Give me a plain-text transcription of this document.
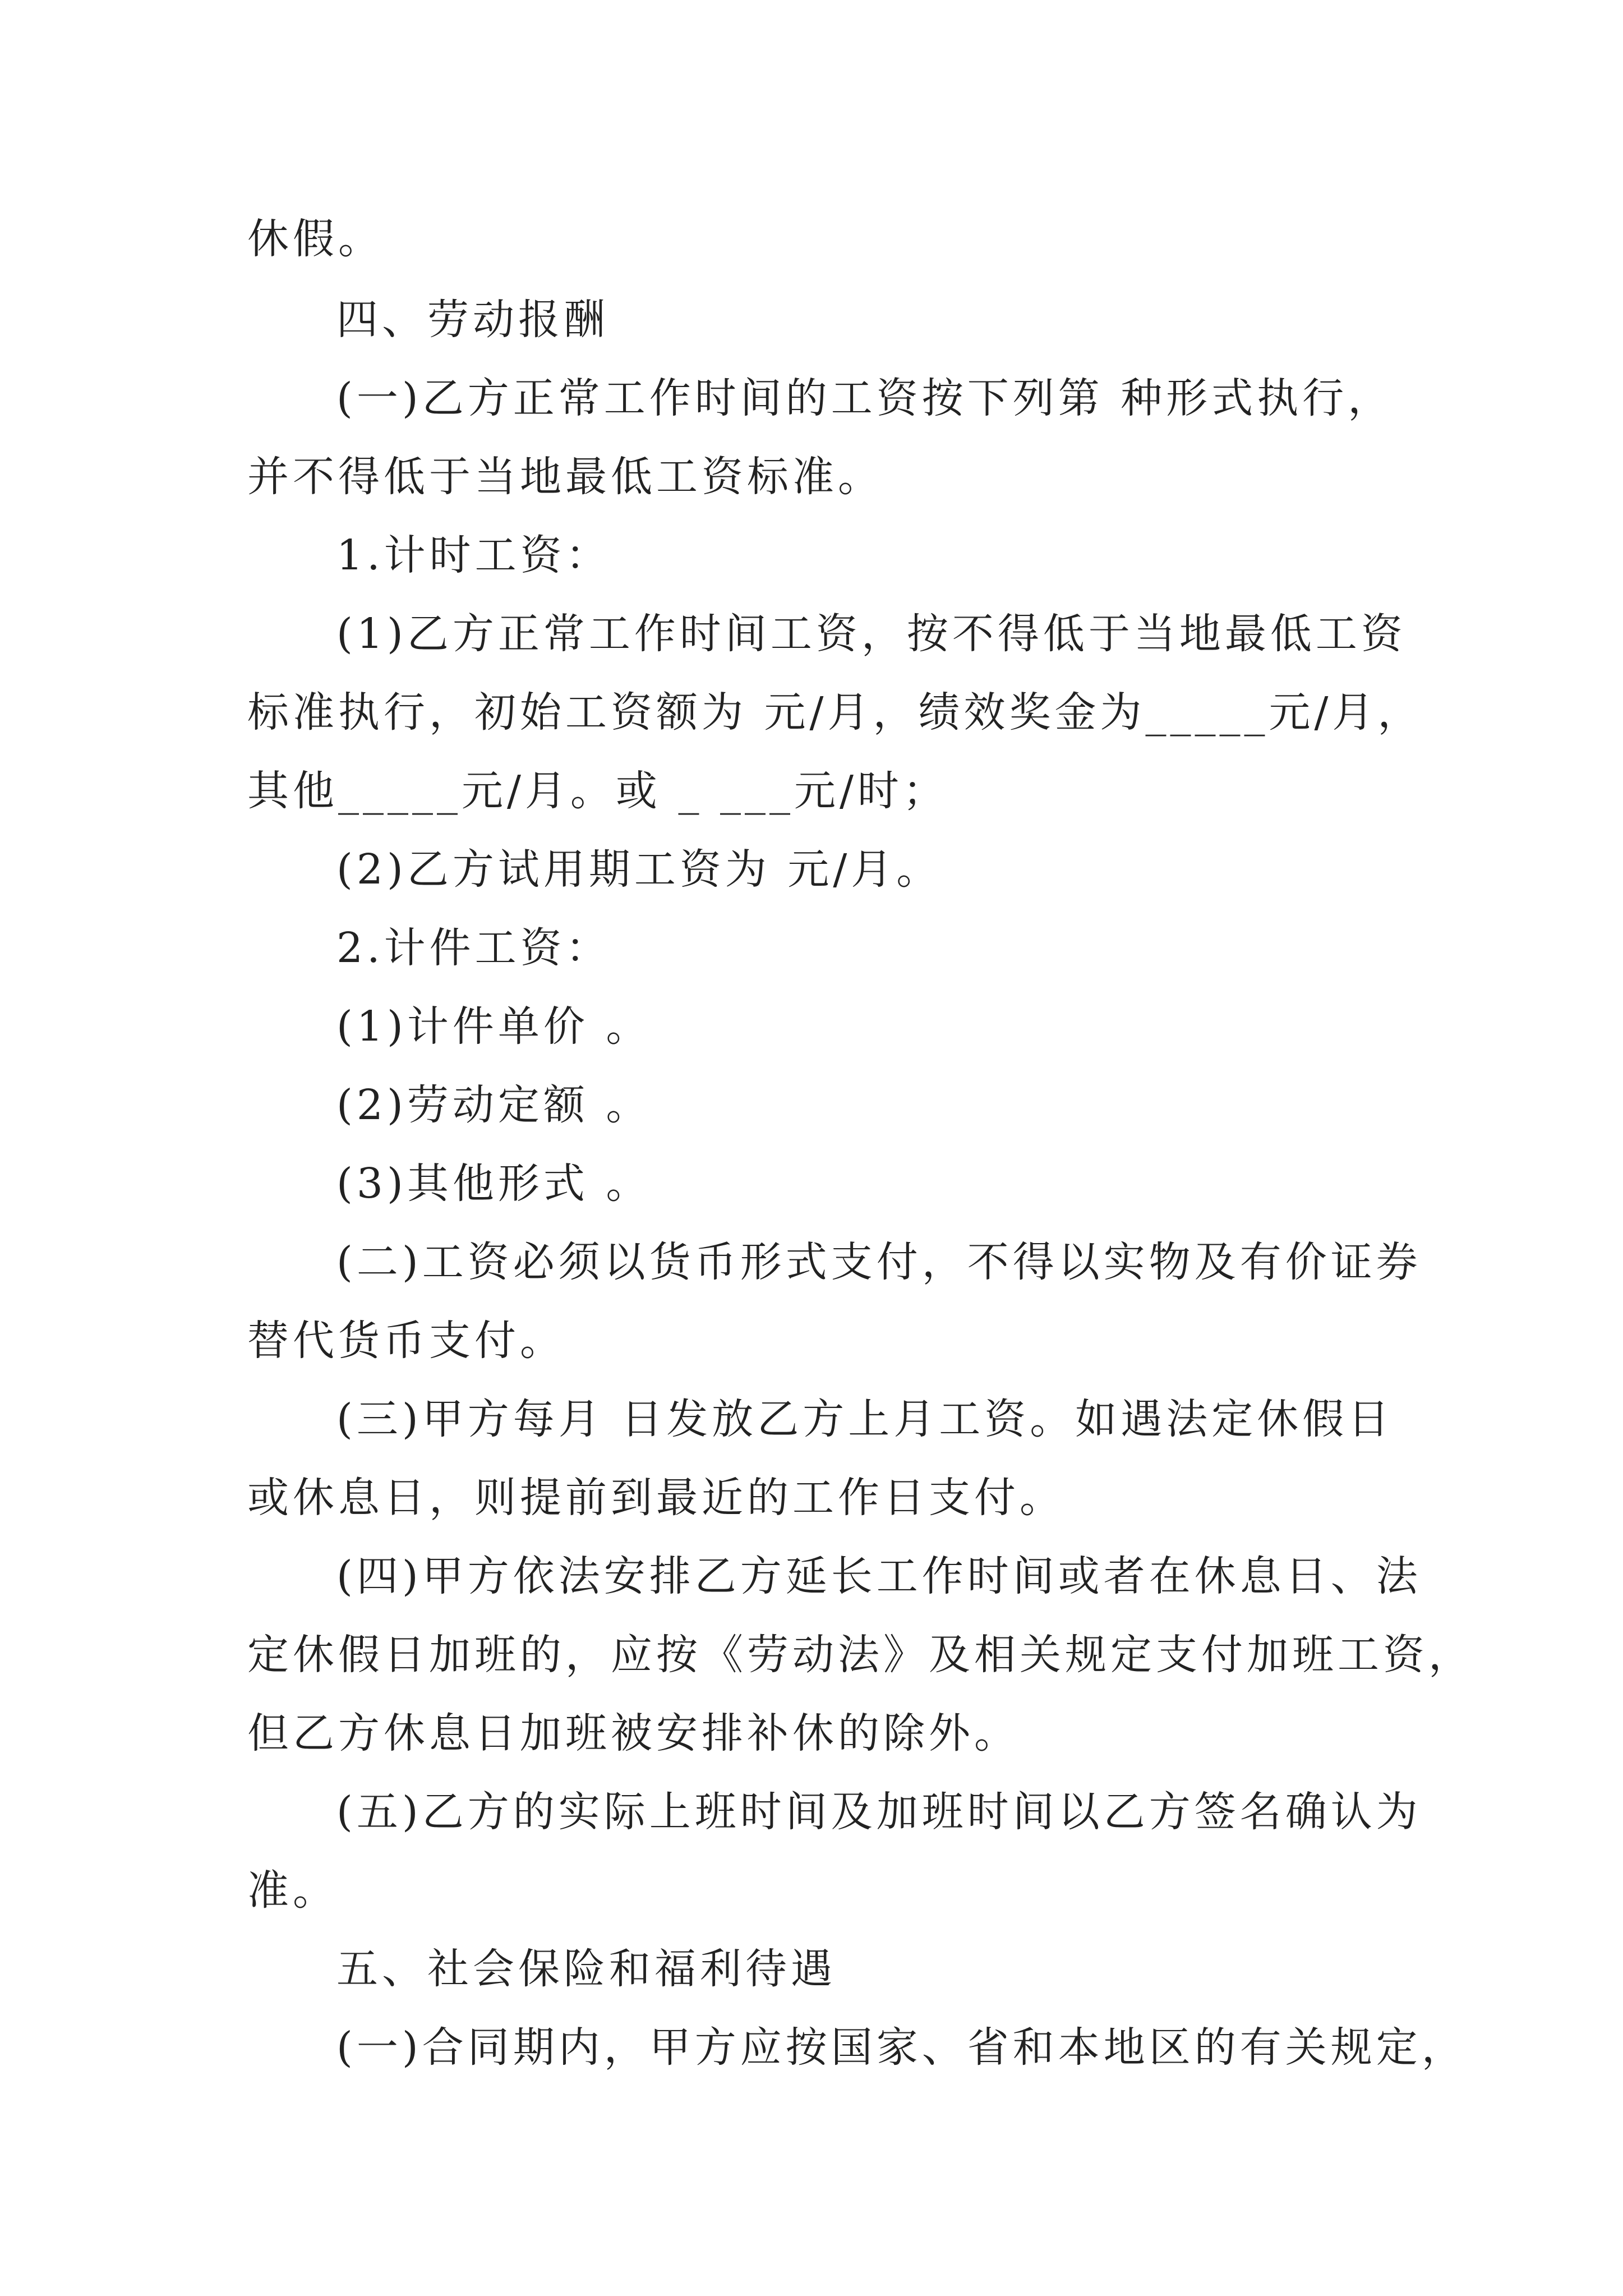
休假。

四、劳动报酬

(一)乙方正常工作时间的工资按下列第 种形式执行，

并不得低于当地最低工资标准。

1.计时工资：

(1)乙方正常工作时间工资，按不得低于当地最低工资

标准执行，初始工资额为 元/月，绩效奖金为_____元/月，

其他_____元/月。或 _ ___元/时；

(2)乙方试用期工资为 元/月。

2.计件工资：

(1)计件单价 。

(2)劳动定额 。

(3)其他形式 。

(二)工资必须以货币形式支付，不得以实物及有价证券

替代货币支付。

(三)甲方每月 日发放乙方上月工资。如遇法定休假日

或休息日，则提前到最近的工作日支付。

(四)甲方依法安排乙方延长工作时间或者在休息日、法

定休假日加班的，应按《劳动法》及相关规定支付加班工资，

但乙方休息日加班被安排补休的除外。

(五)乙方的实际上班时间及加班时间以乙方签名确认为

准。

五、社会保险和福利待遇

(一)合同期内，甲方应按国家、省和本地区的有关规定，
